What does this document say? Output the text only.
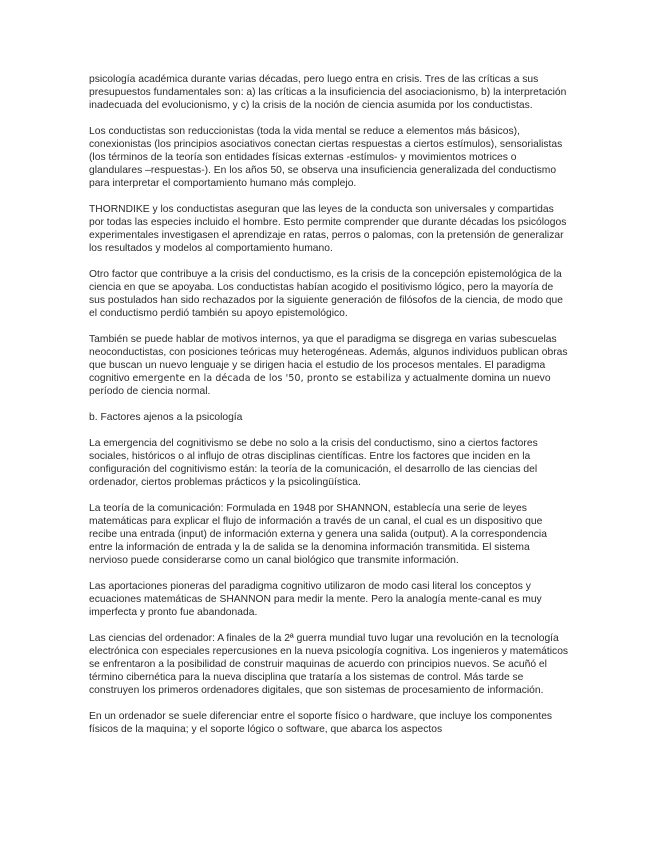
psicología académica durante varias décadas, pero luego entra en crisis. Tres de las críticas a sus presupuestos fundamentales son: a) las críticas a la insuficiencia del asociacionismo, b) la interpretación inadecuada del evolucionismo, y c) la crisis de la noción de ciencia asumida por los conductistas.

Los conductistas son reduccionistas (toda la vida mental se reduce a elementos más básicos), conexionistas (los principios asociativos conectan ciertas respuestas a ciertos estímulos), sensorialistas (los términos de la teoría son entidades físicas externas -estímulos- y movimientos motrices o glandulares –respuestas-). En los años 50, se observa una insuficiencia generalizada del conductismo para interpretar el comportamiento humano más complejo.

THORNDIKE y los conductistas aseguran que las leyes de la conducta son universales y compartidas por todas las especies incluido el hombre. Esto permite comprender que durante décadas los psicólogos experimentales investigasen el aprendizaje en ratas, perros o palomas, con la pretensión de generalizar los resultados y modelos al comportamiento humano.

Otro factor que contribuye a la crisis del conductismo, es la crisis de la concepción epistemológica de la ciencia en que se apoyaba. Los conductistas habían acogido el positivismo lógico, pero la mayoría de sus postulados han sido rechazados por la siguiente generación de filósofos de la ciencia, de modo que el conductismo perdió también su apoyo epistemológico.

También se puede hablar de motivos internos, ya que el paradigma se disgrega en varias subescuelas neoconductistas, con posiciones teóricas muy heterogéneas. Además, algunos individuos publican obras que buscan un nuevo lenguaje y se dirigen hacia el estudio de los procesos mentales. El paradigma cognitivo emergente en la década de los '50, pronto se estabiliza y actualmente domina un nuevo período de ciencia normal.

b. Factores ajenos a la psicología

La emergencia del cognitivismo se debe no solo a la crisis del conductismo, sino a ciertos factores sociales, históricos o al influjo de otras disciplinas científicas. Entre los factores que inciden en la configuración del cognitivismo están: la teoría de la comunicación, el desarrollo de las ciencias del ordenador, ciertos problemas prácticos y la psicolingüística.

La teoría de la comunicación: Formulada en 1948 por SHANNON, establecía una serie de leyes matemáticas para explicar el flujo de información a través de un canal, el cual es un dispositivo que recibe una entrada (input) de información externa y genera una salida (output). A la correspondencia entre la información de entrada y la de salida se la denomina información transmitida. El sistema nervioso puede considerarse como un canal biológico que transmite información.

Las aportaciones pioneras del paradigma cognitivo utilizaron de modo casi literal los conceptos y ecuaciones matemáticas de SHANNON para medir la mente. Pero la analogía mente-canal es muy imperfecta y pronto fue abandonada.

Las ciencias del ordenador: A finales de la 2ª guerra mundial tuvo lugar una revolución en la tecnología electrónica con especiales repercusiones en la nueva psicología cognitiva. Los ingenieros y matemáticos se enfrentaron a la posibilidad de construir maquinas de acuerdo con principios nuevos. Se acuñó el término cibernética para la nueva disciplina que trataría a los sistemas de control. Más tarde se construyen los primeros ordenadores digitales, que son sistemas de procesamiento de información.

En un ordenador se suele diferenciar entre el soporte físico o hardware, que incluye los componentes físicos de la maquina; y el soporte lógico o software, que abarca los aspectos
